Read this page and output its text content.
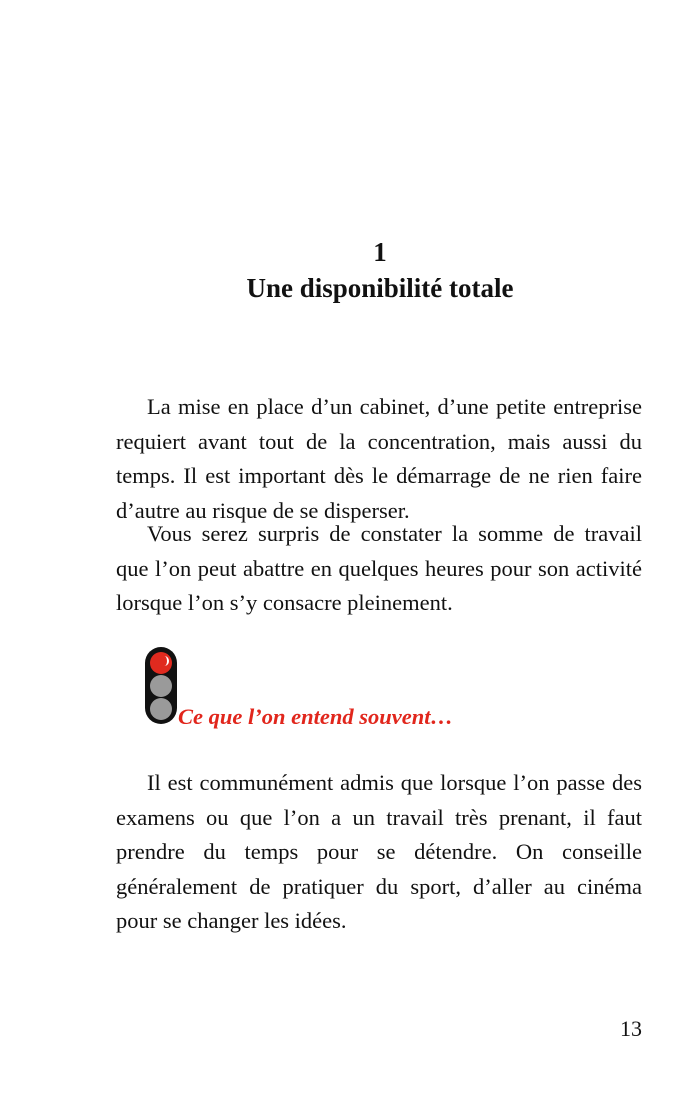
1
Une disponibilité totale

La mise en place d’un cabinet, d’une petite entreprise requiert avant tout de la concentration, mais aussi du temps. Il est important dès le démarrage de ne rien faire d’autre au risque de se disperser.

Vous serez surpris de constater la somme de travail que l’on peut abattre en quelques heures pour son activité lorsque l’on s’y consacre pleinement.

Ce que l’on entend souvent…

Il est communément admis que lorsque l’on passe des examens ou que l’on a un travail très prenant, il faut prendre du temps pour se détendre. On conseille généralement de pratiquer du sport, d’aller au cinéma pour se changer les idées.

13
